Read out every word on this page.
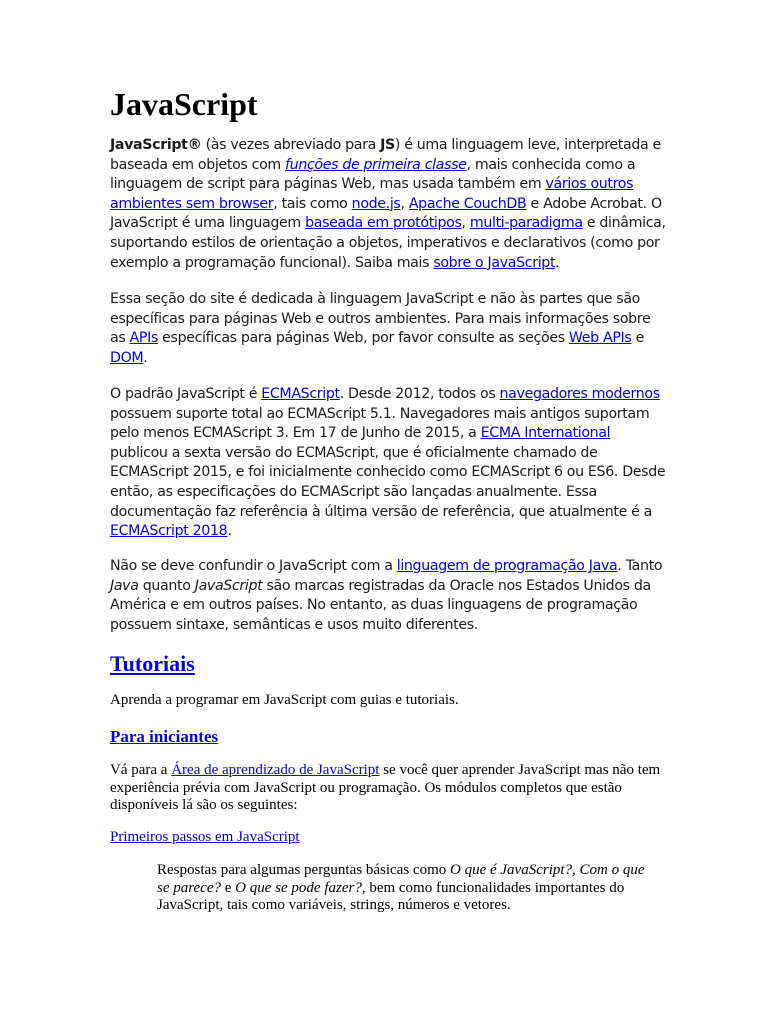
JavaScript

JavaScript® (às vezes abreviado para JS) é uma linguagem leve, interpretada e baseada em objetos com funções de primeira classe, mais conhecida como a linguagem de script para páginas Web, mas usada também em vários outros ambientes sem browser, tais como node.js, Apache CouchDB e Adobe Acrobat. O JavaScript é uma linguagem baseada em protótipos, multi-paradigma e dinâmica, suportando estilos de orientação a objetos, imperativos e declarativos (como por exemplo a programação funcional). Saiba mais sobre o JavaScript.

Essa seção do site é dedicada à linguagem JavaScript e não às partes que são específicas para páginas Web e outros ambientes. Para mais informações sobre as APIs específicas para páginas Web, por favor consulte as seções Web APIs e DOM.

O padrão JavaScript é ECMAScript. Desde 2012, todos os navegadores modernos possuem suporte total ao ECMAScript 5.1. Navegadores mais antigos suportam pelo menos ECMAScript 3. Em 17 de Junho de 2015, a ECMA International publicou a sexta versão do ECMAScript, que é oficialmente chamado de ECMAScript 2015, e foi inicialmente conhecido como ECMAScript 6 ou ES6. Desde então, as especificações do ECMAScript são lançadas anualmente. Essa documentação faz referência à última versão de referência, que atualmente é a ECMAScript 2018.

Não se deve confundir o JavaScript com a linguagem de programação Java. Tanto Java quanto JavaScript são marcas registradas da Oracle nos Estados Unidos da América e em outros países. No entanto, as duas linguagens de programação possuem sintaxe, semânticas e usos muito diferentes.

Tutoriais

Aprenda a programar em JavaScript com guias e tutoriais.

Para iniciantes

Vá para a Área de aprendizado de JavaScript se você quer aprender JavaScript mas não tem experiência prévia com JavaScript ou programação. Os módulos completos que estão disponíveis lá são os seguintes:

Primeiros passos em JavaScript

Respostas para algumas perguntas básicas como O que é JavaScript?, Com o que se parece? e O que se pode fazer?, bem como funcionalidades importantes do JavaScript, tais como variáveis, strings, números e vetores.
